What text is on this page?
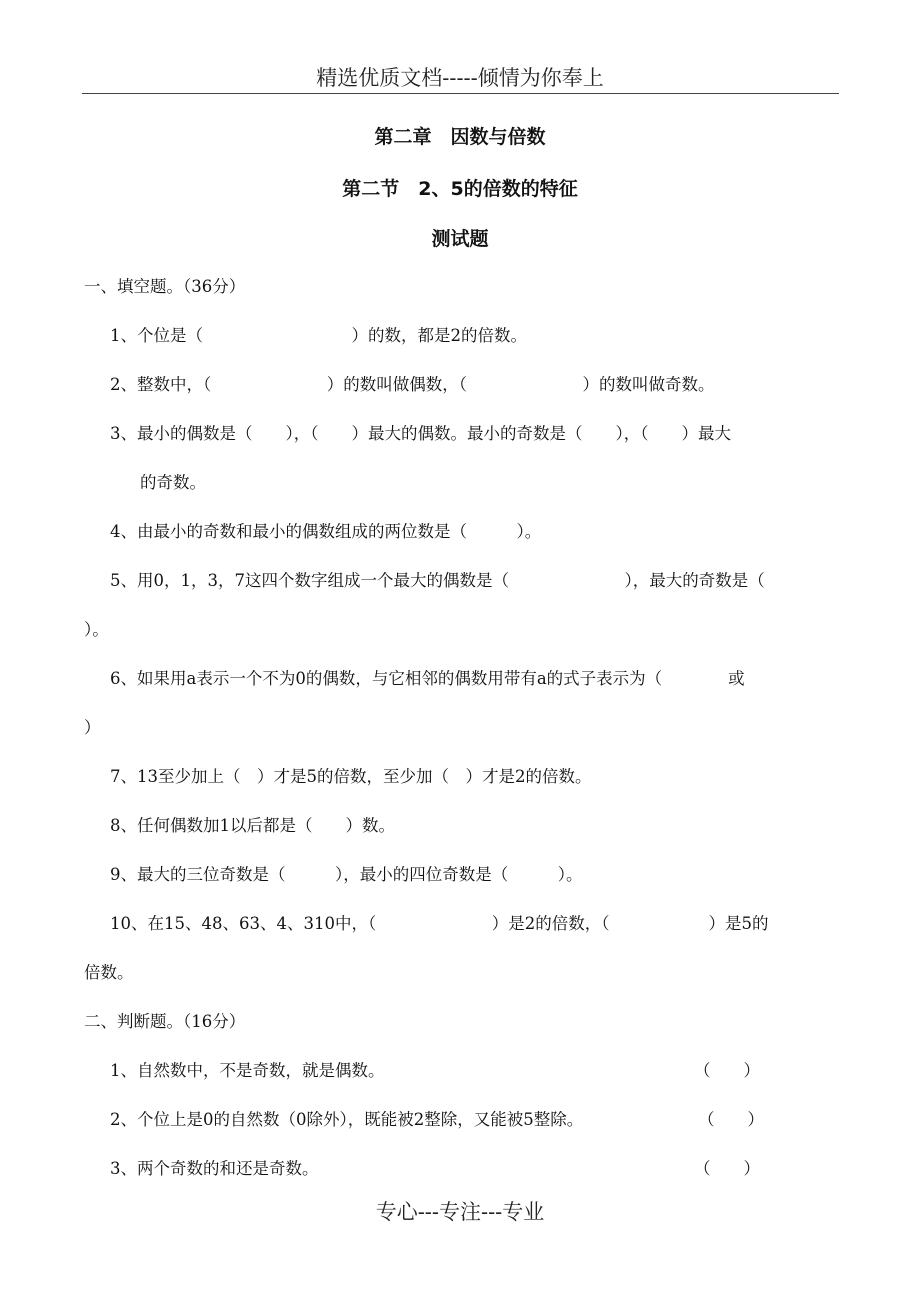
精选优质文档-----倾情为你奉上
第二章　因数与倍数
第二节　2、5的倍数的特征
测试题
一、填空题。（36分）
1、个位是（　　　　　　　　　）的数，都是2的倍数。
2、整数中，（　　　　　　　）的数叫做偶数，（　　　　　　　）的数叫做奇数。
3、最小的偶数是（　　），（　　）最大的偶数。最小的奇数是（　　），（　　）最大
的奇数。
4、由最小的奇数和最小的偶数组成的两位数是（　　　）。
5、用0，1，3，7这四个数字组成一个最大的偶数是（　　　　　　　），最大的奇数是（
）。
6、如果用a表示一个不为0的偶数，与它相邻的偶数用带有a的式子表示为（　　　　或
）
7、13至少加上（　）才是5的倍数，至少加（　）才是2的倍数。
8、任何偶数加1以后都是（　　）数。
9、最大的三位奇数是（　　　），最小的四位奇数是（　　　）。
10、在15、48、63、4、310中，（　　　　　　　）是2的倍数，（　　　　　　）是5的
倍数。
二、判断题。（16分）
1、自然数中，不是奇数，就是偶数。	（　　）
2、个位上是0的自然数（0除外），既能被2整除，又能被5整除。	（　　）
3、两个奇数的和还是奇数。	（　　）
专心---专注---专业
